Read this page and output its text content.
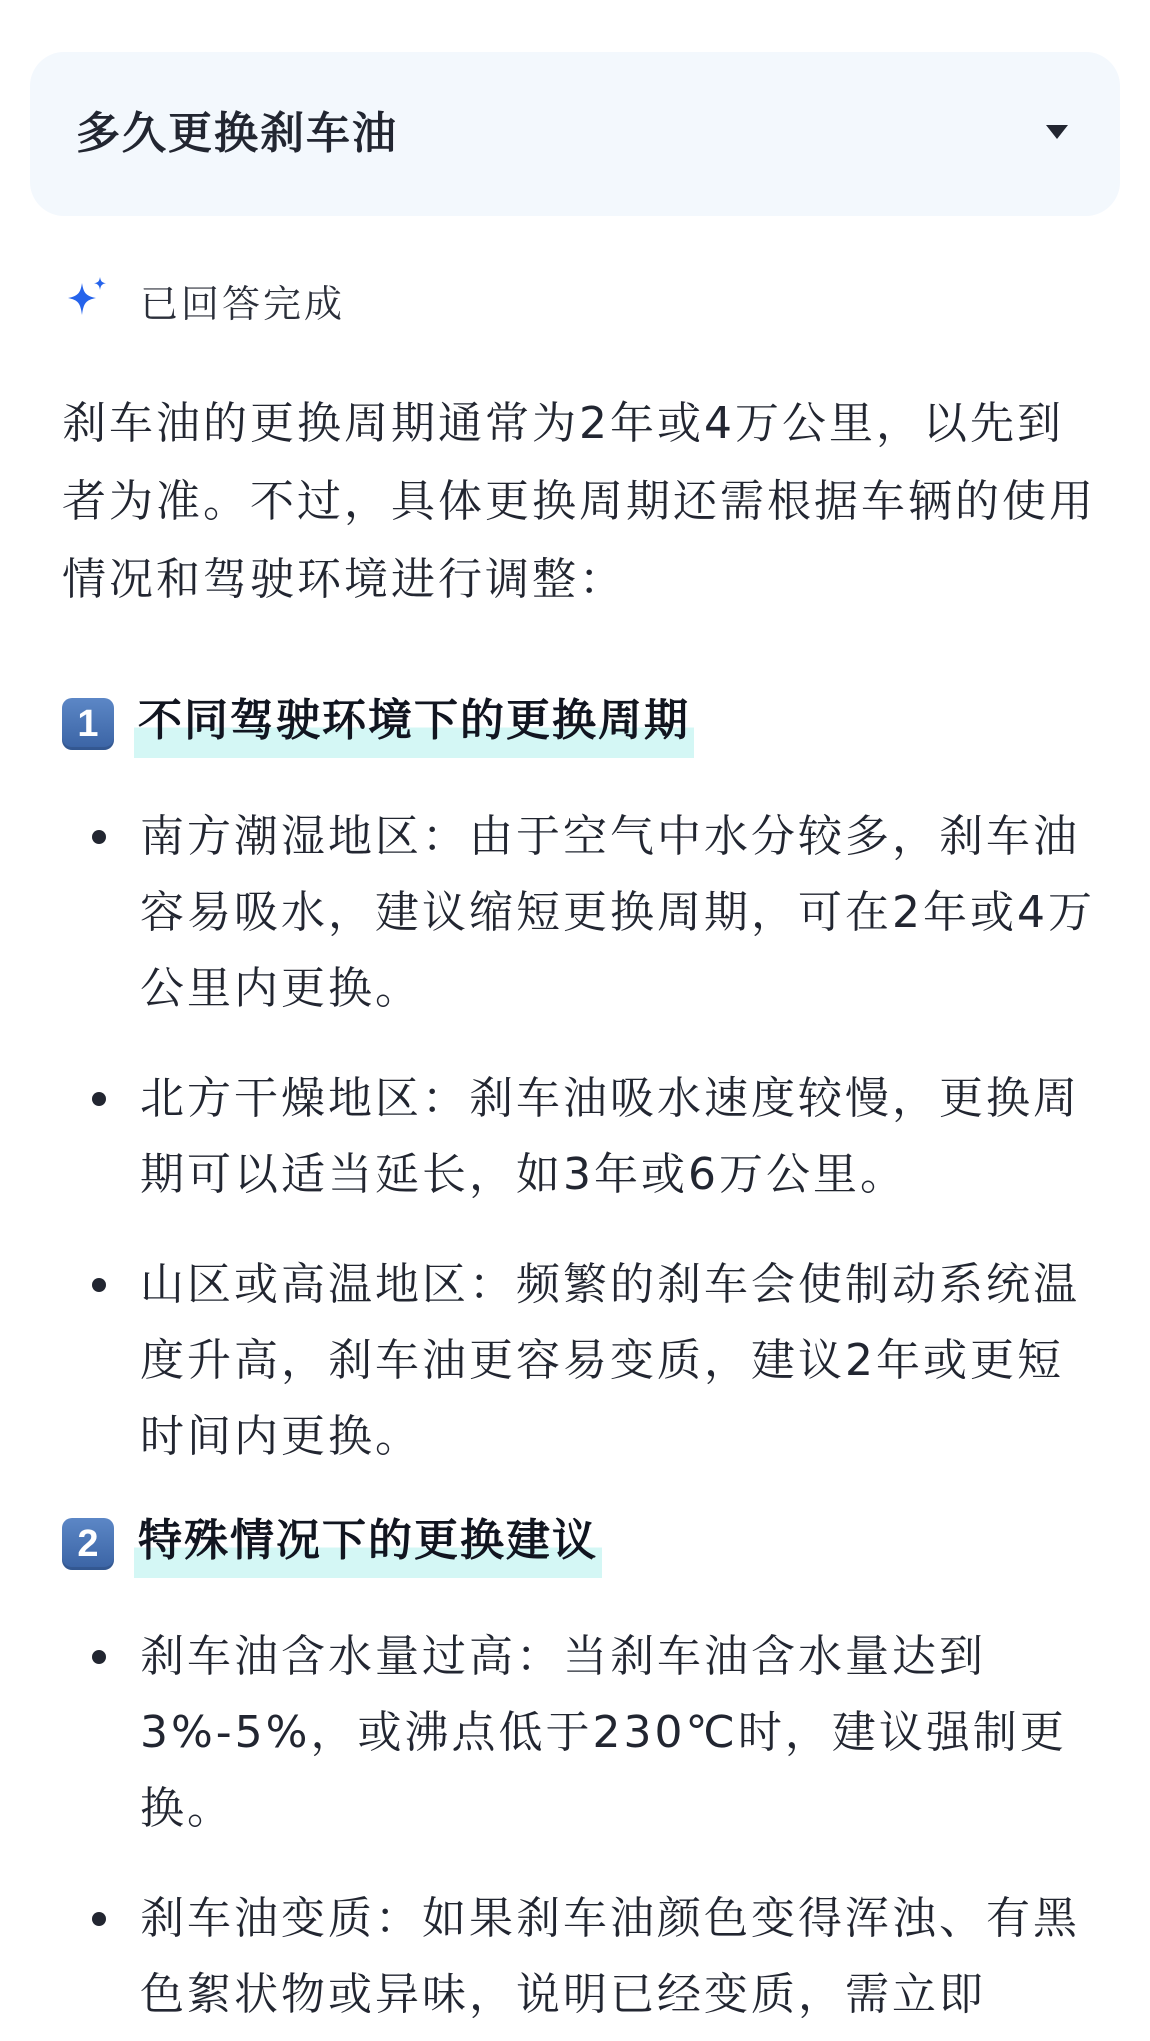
多久更换刹车油
已回答完成

刹车油的更换周期通常为2年或4万公里，以先到者为准。不过，具体更换周期还需根据车辆的使用情况和驾驶环境进行调整：

1 不同驾驶环境下的更换周期
南方潮湿地区：由于空气中水分较多，刹车油容易吸水，建议缩短更换周期，可在2年或4万公里内更换。
北方干燥地区：刹车油吸水速度较慢，更换周期可以适当延长，如3年或6万公里。
山区或高温地区：频繁的刹车会使制动系统温度升高，刹车油更容易变质，建议2年或更短时间内更换。
2 特殊情况下的更换建议
刹车油含水量过高：当刹车油含水量达到3%-5%，或沸点低于230℃时，建议强制更换。
刹车油变质：如果刹车油颜色变得浑浊、有黑色絮状物或异味，说明已经变质，需立即
